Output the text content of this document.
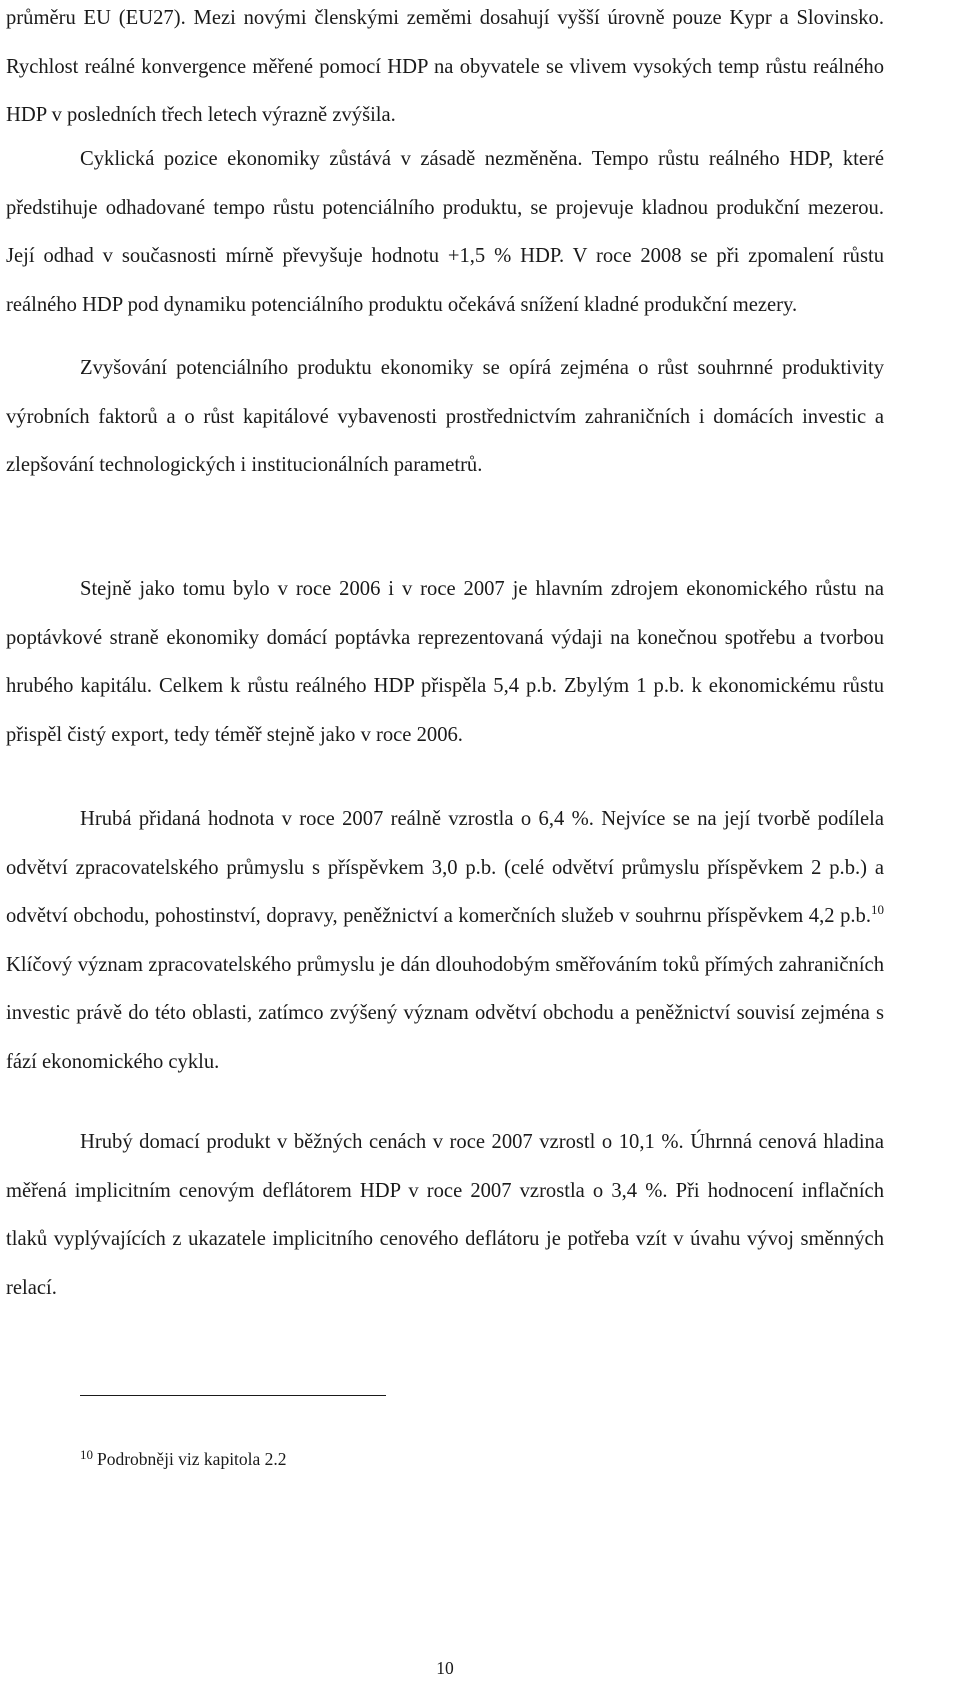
průměru EU (EU27). Mezi novými členskými zeměmi dosahují vyšší úrovně pouze Kypr a Slovinsko. Rychlost reálné konvergence měřené pomocí HDP na obyvatele se vlivem vysokých temp růstu reálného HDP v posledních třech letech výrazně zvýšila.

Cyklická pozice ekonomiky zůstává v zásadě nezměněna. Tempo růstu reálného HDP, které předstihuje odhadované tempo růstu potenciálního produktu, se projevuje kladnou produkční mezerou. Její odhad v současnosti mírně převyšuje hodnotu +1,5 % HDP. V roce 2008 se při zpomalení růstu reálného HDP pod dynamiku potenciálního produktu očekává snížení kladné produkční mezery.

Zvyšování potenciálního produktu ekonomiky se opírá zejména o růst souhrnné produktivity výrobních faktorů a o růst kapitálové vybavenosti prostřednictvím zahraničních i domácích investic a zlepšování technologických i institucionálních parametrů.

Stejně jako tomu bylo v roce 2006 i v roce 2007 je hlavním zdrojem ekonomického růstu na poptávkové straně ekonomiky domácí poptávka reprezentovaná výdaji na konečnou spotřebu a tvorbou hrubého kapitálu. Celkem k růstu reálného HDP přispěla 5,4 p.b. Zbylým 1 p.b. k ekonomickému růstu přispěl čistý export, tedy téměř stejně jako v roce 2006.

Hrubá přidaná hodnota v roce 2007 reálně vzrostla o 6,4 %. Nejvíce se na její tvorbě podílela odvětví zpracovatelského průmyslu s příspěvkem 3,0 p.b. (celé odvětví průmyslu příspěvkem 2 p.b.) a odvětví obchodu, pohostinství, dopravy, peněžnictví a komerčních služeb v souhrnu příspěvkem 4,2 p.b.$^{10}$ Klíčový význam zpracovatelského průmyslu je dán dlouhodobým směřováním toků přímých zahraničních investic právě do této oblasti, zatímco zvýšený význam odvětví obchodu a peněžnictví souvisí zejména s fází ekonomického cyklu.

Hrubý domací produkt v běžných cenách v roce 2007 vzrostl o 10,1 %. Úhrnná cenová hladina měřená implicitním cenovým deflátorem HDP v roce 2007 vzrostla o 3,4 %. Při hodnocení inflačních tlaků vyplývajících z ukazatele implicitního cenového deflátoru je potřeba vzít v úvahu vývoj směnných relací.

$^{10}$ Podrobněji viz kapitola 2.2
10
